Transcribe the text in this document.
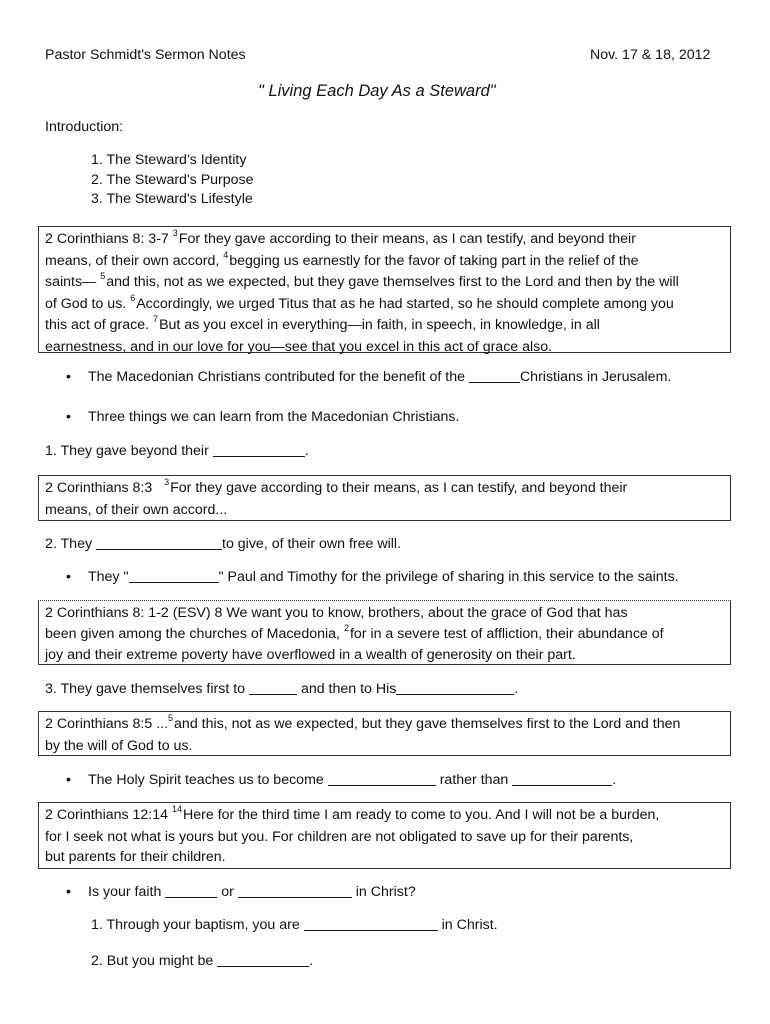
Pastor Schmidt's Sermon Notes	Nov. 17 & 18, 2012
" Living Each Day As a Steward"
Introduction:
1. The Steward's Identity
2. The Steward's Purpose
3. The Steward's Lifestyle
2 Corinthians 8: 3-7 $^3$For they gave according to their means, as I can testify, and beyond their
means, of their own accord, $^4$begging us earnestly for the favor of taking part in the relief of the
saints— $^5$and this, not as we expected, but they gave themselves first to the Lord and then by the will
of God to us. $^6$Accordingly, we urged Titus that as he had started, so he should complete among you
this act of grace. $^7$But as you excel in everything—in faith, in speech, in knowledge, in all
earnestness, and in our love for you—see that you excel in this act of grace also.
• The Macedonian Christians contributed for the benefit of the	Christians in Jerusalem.
• Three things we can learn from the Macedonian Christians.
1. They gave beyond their	.
2 Corinthians 8:3 $^3$For they gave according to their means, as I can testify, and beyond their
means, of their own accord...
2. They	to give, of their own free will.
• They "	" Paul and Timothy for the privilege of sharing in this service to the saints.
2 Corinthians 8: 1-2 (ESV) 8 We want you to know, brothers, about the grace of God that has
been given among the churches of Macedonia, $^2$for in a severe test of affliction, their abundance of
joy and their extreme poverty have overflowed in a wealth of generosity on their part.
3. They gave themselves first to	and then to His	.
2 Corinthians 8:5 ...$^5$and this, not as we expected, but they gave themselves first to the Lord and then
by the will of God to us.
• The Holy Spirit teaches us to become	rather than	.
2 Corinthians 12:14 $^{14}$Here for the third time I am ready to come to you. And I will not be a burden,
for I seek not what is yours but you. For children are not obligated to save up for their parents,
but parents for their children.
• Is your faith	or	in Christ?
1. Through your baptism, you are	in Christ.
2. But you might be	.
